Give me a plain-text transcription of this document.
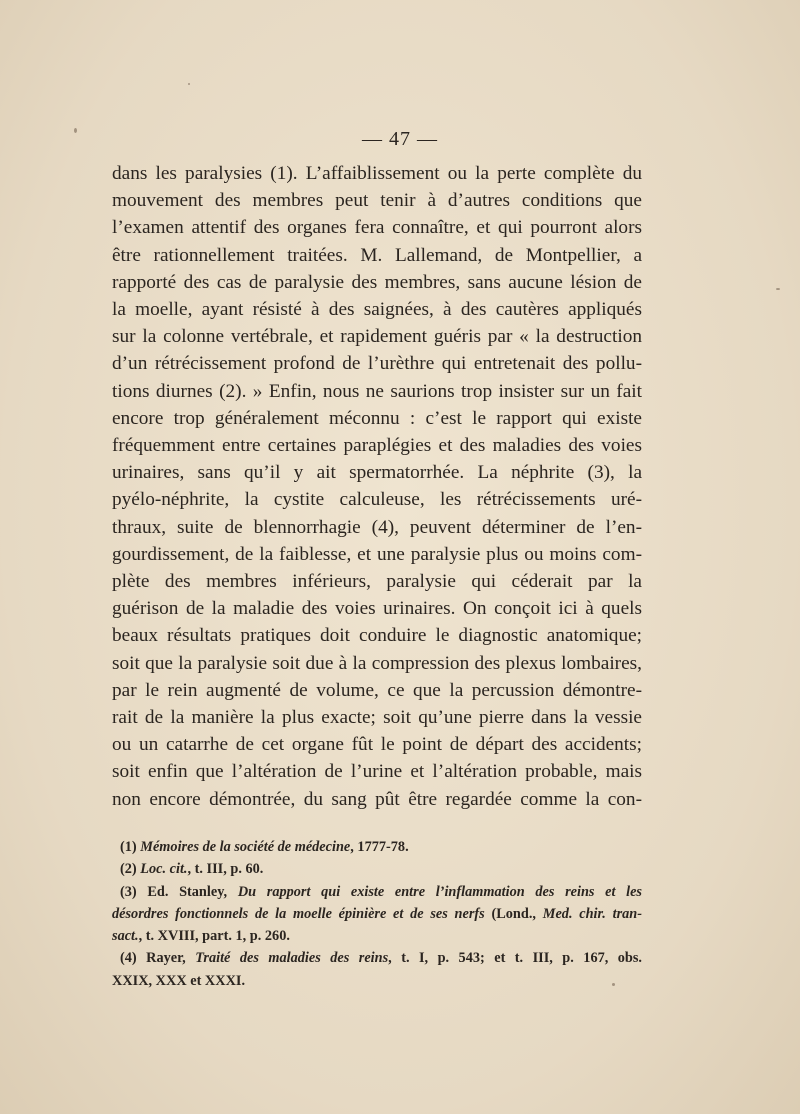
— 47 —
dans les paralysies (1). L’affaiblissement ou la perte complète du
mouvement des membres peut tenir à d’autres conditions que
l’examen attentif des organes fera connaître, et qui pourront alors
être rationnellement traitées. M. Lallemand, de Montpellier, a
rapporté des cas de paralysie des membres, sans aucune lésion de
la moelle, ayant résisté à des saignées, à des cautères appliqués
sur la colonne vertébrale, et rapidement guéris par « la destruction
d’un rétrécissement profond de l’urèthre qui entretenait des pollu-
tions diurnes (2). » Enfin, nous ne saurions trop insister sur un fait
encore trop généralement méconnu : c’est le rapport qui existe
fréquemment entre certaines paraplégies et des maladies des voies
urinaires, sans qu’il y ait spermatorrhée. La néphrite (3), la
pyélo-néphrite, la cystite calculeuse, les rétrécissements uré-
thraux, suite de blennorrhagie (4), peuvent déterminer de l’en-
gourdissement, de la faiblesse, et une paralysie plus ou moins com-
plète des membres inférieurs, paralysie qui céderait par la
guérison de la maladie des voies urinaires. On conçoit ici à quels
beaux résultats pratiques doit conduire le diagnostic anatomique;
soit que la paralysie soit due à la compression des plexus lombaires,
par le rein augmenté de volume, ce que la percussion démontre-
rait de la manière la plus exacte; soit qu’une pierre dans la vessie
ou un catarrhe de cet organe fût le point de départ des accidents;
soit enfin que l’altération de l’urine et l’altération probable, mais
non encore démontrée, du sang pût être regardée comme la con-
(1) Mémoires de la société de médecine, 1777-78.
(2) Loc. cit., t. III, p. 60.
(3) Ed. Stanley, Du rapport qui existe entre l’inflammation des reins et les
désordres fonctionnels de la moelle épinière et de ses nerfs (Lond., Med. chir. tran-
sact., t. XVIII, part. 1, p. 260.
(4) Rayer, Traité des maladies des reins, t. I, p. 543; et t. III, p. 167, obs.
XXIX, XXX et XXXI.
